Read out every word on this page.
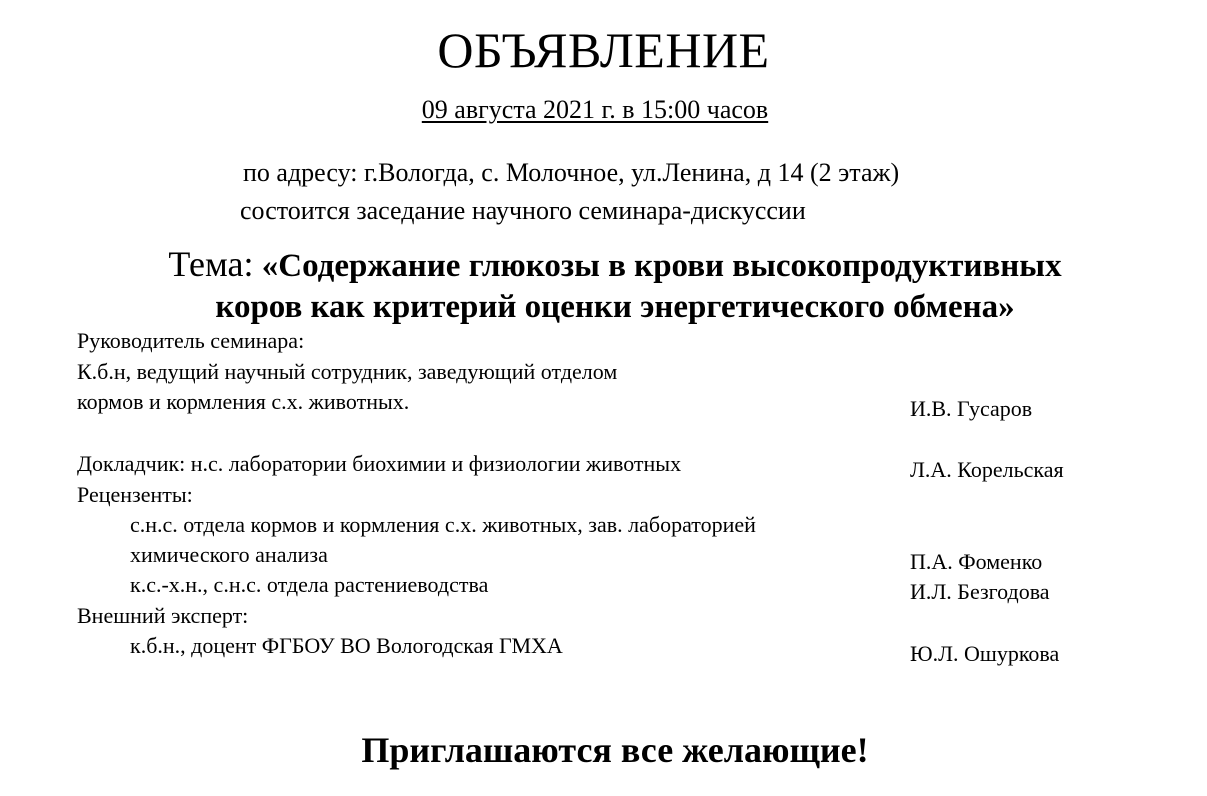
ОБЪЯВЛЕНИЕ
09 августа 2021 г. в 15:00 часов
по адресу: г.Вологда, с. Молочное, ул.Ленина, д 14 (2 этаж)
состоится заседание научного семинара-дискуссии
Тема: «Содержание глюкозы в крови высокопродуктивных
коров как критерий оценки энергетического обмена»
Руководитель семинара:
К.б.н, ведущий научный сотрудник, заведующий отделом
кормов и кормления с.х. животных.	И.В. Гусаров
Докладчик: н.с. лаборатории биохимии и физиологии животных	Л.А. Корельская
Рецензенты:
с.н.с. отдела кормов и кормления с.х. животных, зав. лабораторией
химического анализа	П.А. Фоменко
к.с.-х.н., с.н.с. отдела растениеводства	И.Л. Безгодова
Внешний эксперт:
к.б.н., доцент ФГБОУ ВО Вологодская ГМХА	Ю.Л. Ошуркова
Приглашаются все желающие!
